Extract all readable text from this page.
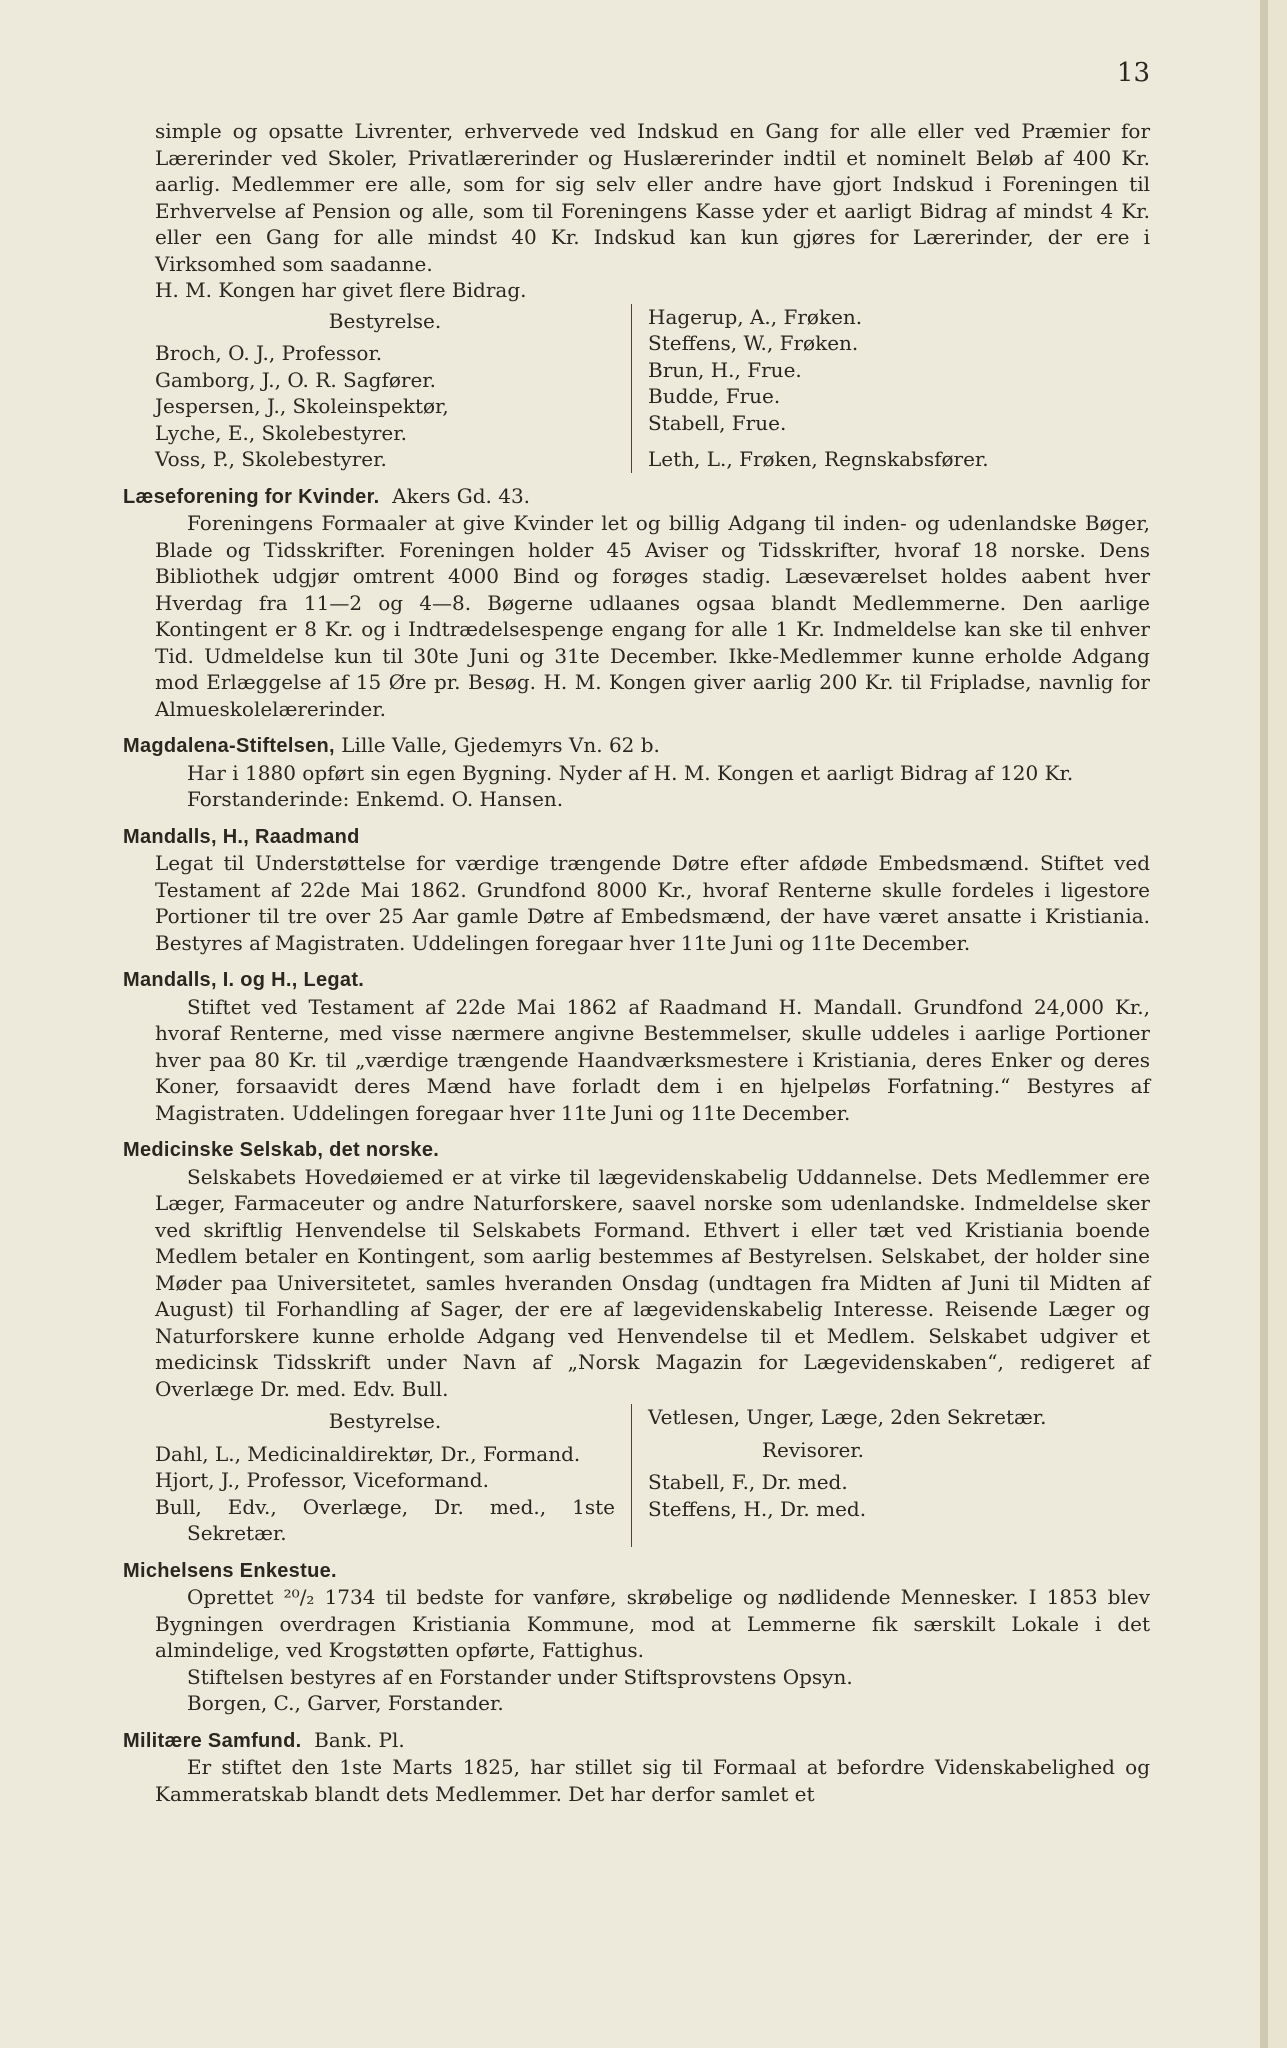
13

simple og opsatte Livrenter, erhvervede ved Indskud en Gang for alle eller ved Præmier for Lærerinder ved Skoler, Privatlærerinder og Huslærerinder indtil et nominelt Beløb af 400 Kr. aarlig. Medlemmer ere alle, som for sig selv eller andre have gjort Indskud i Foreningen til Erhvervelse af Pension og alle, som til Foreningens Kasse yder et aarligt Bidrag af mindst 4 Kr. eller een Gang for alle mindst 40 Kr. Indskud kan kun gjøres for Lærerinder, der ere i Virksomhed som saadanne.

H. M. Kongen har givet flere Bidrag.

Bestyrelse.
Broch, O. J., Professor.
Gamborg, J., O. R. Sagfører.
Jespersen, J., Skoleinspektør,
Lyche, E., Skolebestyrer.
Voss, P., Skolebestyrer.
Hagerup, A., Frøken.
Steffens, W., Frøken.
Brun, H., Frue.
Budde, Frue.
Stabell, Frue.
Leth, L., Frøken, Regnskabsfører.

Læseforening for Kvinder. Akers Gd. 43.

Foreningens Formaaler at give Kvinder let og billig Adgang til inden- og udenlandske Bøger, Blade og Tidsskrifter. Foreningen holder 45 Aviser og Tidsskrifter, hvoraf 18 norske. Dens Bibliothek udgjør omtrent 4000 Bind og forøges stadig. Læseværelset holdes aabent hver Hverdag fra 11—2 og 4—8. Bøgerne udlaanes ogsaa blandt Medlemmerne. Den aarlige Kontingent er 8 Kr. og i Indtrædelsespenge engang for alle 1 Kr. Indmeldelse kan ske til enhver Tid. Udmeldelse kun til 30te Juni og 31te December. Ikke-Medlemmer kunne erholde Adgang mod Erlæggelse af 15 Øre pr. Besøg. H. M. Kongen giver aarlig 200 Kr. til Fripladse, navnlig for Almueskolelærerinder.

Magdalena-Stiftelsen, Lille Valle, Gjedemyrs Vn. 62 b.

Har i 1880 opført sin egen Bygning. Nyder af H. M. Kongen et aarligt Bidrag af 120 Kr.

Forstanderinde: Enkemd. O. Hansen.

Mandalls, H., Raadmand

Legat til Understøttelse for værdige trængende Døtre efter afdøde Embedsmænd. Stiftet ved Testament af 22de Mai 1862. Grundfond 8000 Kr., hvoraf Renterne skulle fordeles i ligestore Portioner til tre over 25 Aar gamle Døtre af Embedsmænd, der have været ansatte i Kristiania. Bestyres af Magistraten. Uddelingen foregaar hver 11te Juni og 11te December.

Mandalls, I. og H., Legat.

Stiftet ved Testament af 22de Mai 1862 af Raadmand H. Mandall. Grundfond 24,000 Kr., hvoraf Renterne, med visse nærmere angivne Bestemmelser, skulle uddeles i aarlige Portioner hver paa 80 Kr. til „værdige trængende Haandværksmestere i Kristiania, deres Enker og deres Koner, forsaavidt deres Mænd have forladt dem i en hjelpeløs Forfatning.“ Bestyres af Magistraten. Uddelingen foregaar hver 11te Juni og 11te December.

Medicinske Selskab, det norske.

Selskabets Hovedøiemed er at virke til lægevidenskabelig Uddannelse. Dets Medlemmer ere Læger, Farmaceuter og andre Naturforskere, saavel norske som udenlandske. Indmeldelse sker ved skriftlig Henvendelse til Selskabets Formand. Ethvert i eller tæt ved Kristiania boende Medlem betaler en Kontingent, som aarlig bestemmes af Bestyrelsen. Selskabet, der holder sine Møder paa Universitetet, samles hveranden Onsdag (undtagen fra Midten af Juni til Midten af August) til Forhandling af Sager, der ere af lægevidenskabelig Interesse. Reisende Læger og Naturforskere kunne erholde Adgang ved Henvendelse til et Medlem. Selskabet udgiver et medicinsk Tidsskrift under Navn af „Norsk Magazin for Lægevidenskaben“, redigeret af Overlæge Dr. med. Edv. Bull.

Bestyrelse.
Dahl, L., Medicinaldirektør, Dr., Formand.
Hjort, J., Professor, Viceformand.
Bull, Edv., Overlæge, Dr. med., 1ste Sekretær.
Vetlesen, Unger, Læge, 2den Sekretær.
Revisorer.
Stabell, F., Dr. med.
Steffens, H., Dr. med.

Michelsens Enkestue.

Oprettet ²⁰/₂ 1734 til bedste for vanføre, skrøbelige og nødlidende Mennesker. I 1853 blev Bygningen overdragen Kristiania Kommune, mod at Lemmerne fik særskilt Lokale i det almindelige, ved Krogstøtten opførte, Fattighus.

Stiftelsen bestyres af en Forstander under Stiftsprovstens Opsyn.

Borgen, C., Garver, Forstander.

Militære Samfund. Bank. Pl.

Er stiftet den 1ste Marts 1825, har stillet sig til Formaal at befordre Videnskabelighed og Kammeratskab blandt dets Medlemmer. Det har derfor samlet et
